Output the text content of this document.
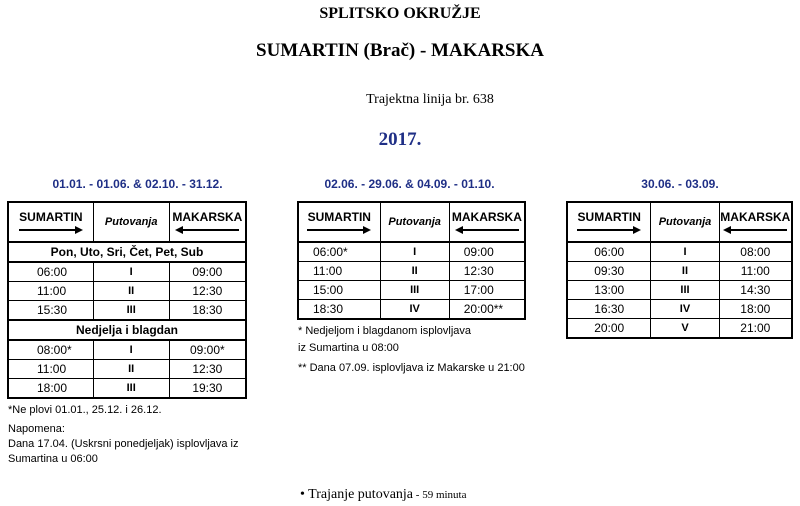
SPLITSKO OKRUŽJE
SUMARTIN (Brač) - MAKARSKA
Trajektna linija br. 638
2017.
01.01. - 01.06. & 02.10. - 31.12.	02.06. - 29.06. & 04.09. - 01.10.	30.06. - 03.09.
SUMARTIN	Putovanja	MAKARSKA

Pon, Uto, Sri, Čet, Pet, Sub		
06:00	I	09:00
11:00	II	12:30
15:30	III	18:30
Nedjelja i blagdan		
08:00*	I	09:00*
11:00	II	12:30
18:00	III	19:30
*Ne plovi 01.01., 25.12. i 26.12.
Napomena:
Dana 17.04. (Uskrsni ponedjeljak) isplovljava iz
Sumartina u 06:00
SUMARTIN	Putovanja	MAKARSKA

06:00*	I	09:00
11:00	II	12:30
15:00	III	17:00
18:30	IV	20:00**
* Nedjeljom i blagdanom isplovljava
iz Sumartina u 08:00
** Dana 07.09. isplovljava iz Makarske u 21:00
SUMARTIN	Putovanja	MAKARSKA

06:00	I	08:00
09:30	II	11:00
13:00	III	14:30
16:30	IV	18:00
20:00	V	21:00
• Trajanje putovanja - 59 minuta
